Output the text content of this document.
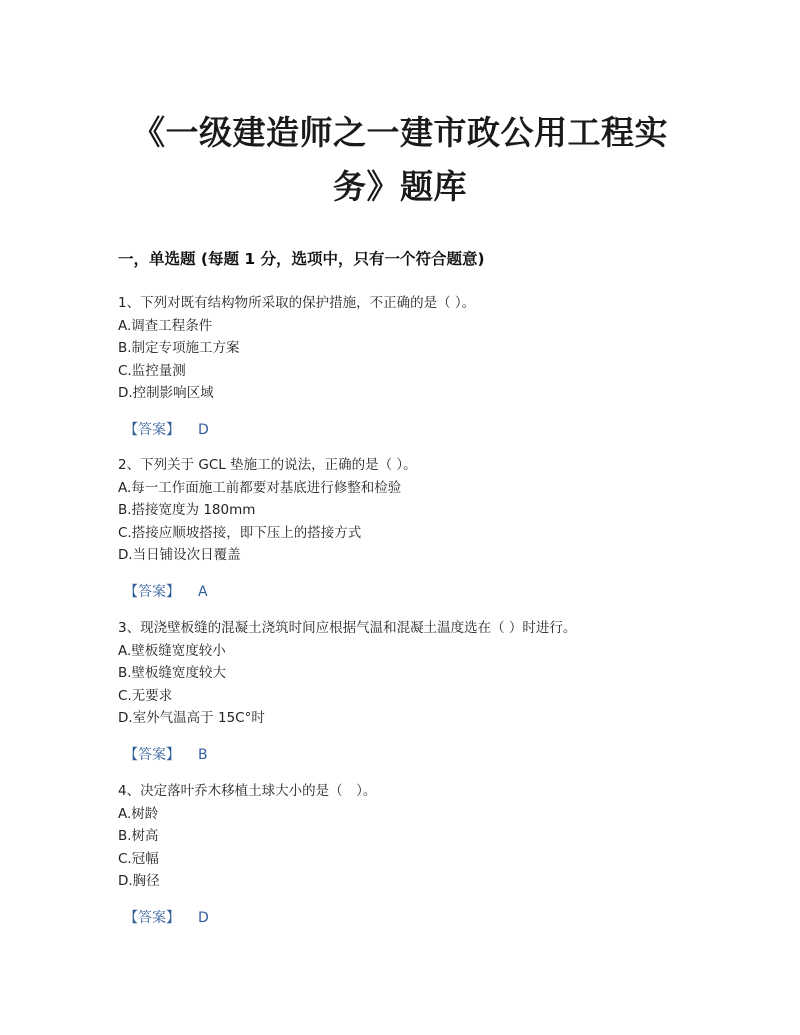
《一级建造师之一建市政公用工程实
务》题库
一，单选题 (每题 1 分，选项中，只有一个符合题意)
1、下列对既有结构物所采取的保护措施，不正确的是（ ）。
A.调查工程条件
B.制定专项施工方案
C.监控量测
D.控制影响区域
【答案】 D
2、下列关于 GCL 垫施工的说法，正确的是（ ）。
A.每一工作面施工前都要对基底进行修整和检验
B.搭接宽度为 180mm
C.搭接应顺坡搭接，即下压上的搭接方式
D.当日铺设次日覆盖
【答案】 A
3、现浇壁板缝的混凝土浇筑时间应根据气温和混凝土温度选在（ ）时进行。
A.壁板缝宽度较小
B.壁板缝宽度较大
C.无要求
D.室外气温高于 15C°时
【答案】 B
4、决定落叶乔木移植土球大小的是（　）。
A.树龄
B.树高
C.冠幅
D.胸径
【答案】 D
